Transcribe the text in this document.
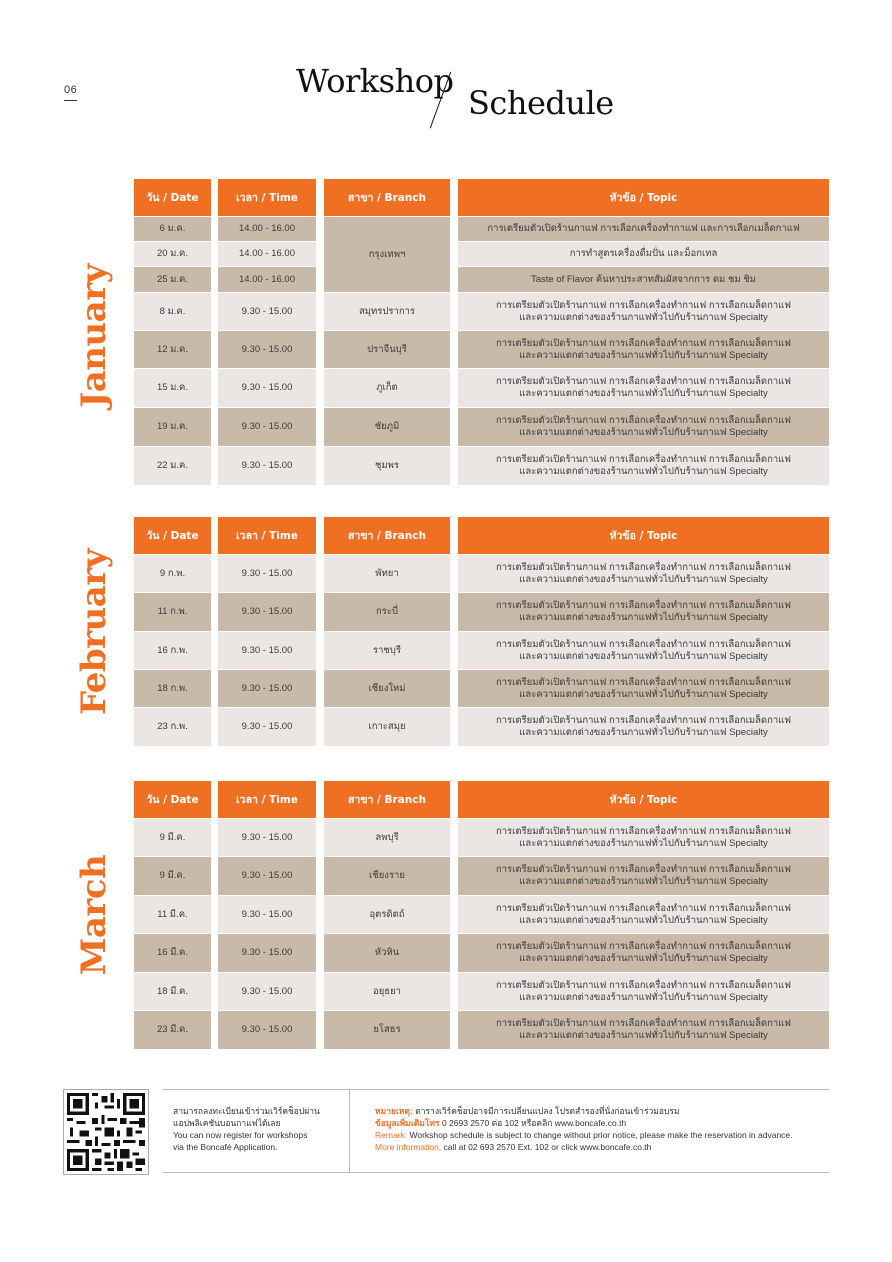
06	Workshop
Schedule
January
February
March
วัน / Date	เวลา / Time	สาขา / Branch	หัวข้อ / Topic
กรุงเทพฯ
6 ม.ค.	14.00 - 16.00	การเตรียมตัวเปิดร้านกาแฟ การเลือกเครื่องทำกาแฟ และการเลือกเมล็ดกาแฟ
20 ม.ค.	14.00 - 16.00	การทำสูตรเครื่องดื่มปั่น และม็อกเทล
25 ม.ค.	14.00 - 16.00	Taste of Flavor ค้นหาประสาทสัมผัสจากการ ดม ชม ชิม
8 ม.ค.	9.30 - 15.00	สมุทรปราการ
การเตรียมตัวเปิดร้านกาแฟ การเลือกเครื่องทำกาแฟ การเลือกเมล็ดกาแฟ
และความแตกต่างของร้านกาแฟทั่วไปกับร้านกาแฟ Specialty
12 ม.ค.	9.30 - 15.00	ปราจีนบุรี
การเตรียมตัวเปิดร้านกาแฟ การเลือกเครื่องทำกาแฟ การเลือกเมล็ดกาแฟ
และความแตกต่างของร้านกาแฟทั่วไปกับร้านกาแฟ Specialty
15 ม.ค.	9.30 - 15.00	ภูเก็ต
การเตรียมตัวเปิดร้านกาแฟ การเลือกเครื่องทำกาแฟ การเลือกเมล็ดกาแฟ
และความแตกต่างของร้านกาแฟทั่วไปกับร้านกาแฟ Specialty
19 ม.ค.	9.30 - 15.00	ชัยภูมิ
การเตรียมตัวเปิดร้านกาแฟ การเลือกเครื่องทำกาแฟ การเลือกเมล็ดกาแฟ
และความแตกต่างของร้านกาแฟทั่วไปกับร้านกาแฟ Specialty
22 ม.ค.	9.30 - 15.00	ชุมพร
การเตรียมตัวเปิดร้านกาแฟ การเลือกเครื่องทำกาแฟ การเลือกเมล็ดกาแฟ
และความแตกต่างของร้านกาแฟทั่วไปกับร้านกาแฟ Specialty
วัน / Date	เวลา / Time	สาขา / Branch	หัวข้อ / Topic
9 ก.พ.	9.30 - 15.00	พัทยา
การเตรียมตัวเปิดร้านกาแฟ การเลือกเครื่องทำกาแฟ การเลือกเมล็ดกาแฟ
และความแตกต่างของร้านกาแฟทั่วไปกับร้านกาแฟ Specialty
11 ก.พ.	9.30 - 15.00	กระบี่
การเตรียมตัวเปิดร้านกาแฟ การเลือกเครื่องทำกาแฟ การเลือกเมล็ดกาแฟ
และความแตกต่างของร้านกาแฟทั่วไปกับร้านกาแฟ Specialty
16 ก.พ.	9.30 - 15.00	ราชบุรี
การเตรียมตัวเปิดร้านกาแฟ การเลือกเครื่องทำกาแฟ การเลือกเมล็ดกาแฟ
และความแตกต่างของร้านกาแฟทั่วไปกับร้านกาแฟ Specialty
18 ก.พ.	9.30 - 15.00	เชียงใหม่
การเตรียมตัวเปิดร้านกาแฟ การเลือกเครื่องทำกาแฟ การเลือกเมล็ดกาแฟ
และความแตกต่างของร้านกาแฟทั่วไปกับร้านกาแฟ Specialty
23 ก.พ.	9.30 - 15.00	เกาะสมุย
การเตรียมตัวเปิดร้านกาแฟ การเลือกเครื่องทำกาแฟ การเลือกเมล็ดกาแฟ
และความแตกต่างของร้านกาแฟทั่วไปกับร้านกาแฟ Specialty
วัน / Date	เวลา / Time	สาขา / Branch	หัวข้อ / Topic
9 มี.ค.	9.30 - 15.00	ลพบุรี
การเตรียมตัวเปิดร้านกาแฟ การเลือกเครื่องทำกาแฟ การเลือกเมล็ดกาแฟ
และความแตกต่างของร้านกาแฟทั่วไปกับร้านกาแฟ Specialty
9 มี.ค.	9.30 - 15.00	เชียงราย
การเตรียมตัวเปิดร้านกาแฟ การเลือกเครื่องทำกาแฟ การเลือกเมล็ดกาแฟ
และความแตกต่างของร้านกาแฟทั่วไปกับร้านกาแฟ Specialty
11 มี.ค.	9.30 - 15.00	อุตรดิตถ์
การเตรียมตัวเปิดร้านกาแฟ การเลือกเครื่องทำกาแฟ การเลือกเมล็ดกาแฟ
และความแตกต่างของร้านกาแฟทั่วไปกับร้านกาแฟ Specialty
16 มี.ค.	9.30 - 15.00	หัวหิน
การเตรียมตัวเปิดร้านกาแฟ การเลือกเครื่องทำกาแฟ การเลือกเมล็ดกาแฟ
และความแตกต่างของร้านกาแฟทั่วไปกับร้านกาแฟ Specialty
18 มี.ค.	9.30 - 15.00	อยุธยา
การเตรียมตัวเปิดร้านกาแฟ การเลือกเครื่องทำกาแฟ การเลือกเมล็ดกาแฟ
และความแตกต่างของร้านกาแฟทั่วไปกับร้านกาแฟ Specialty
23 มี.ค.	9.30 - 15.00	ยโสธร
การเตรียมตัวเปิดร้านกาแฟ การเลือกเครื่องทำกาแฟ การเลือกเมล็ดกาแฟ
และความแตกต่างของร้านกาแฟทั่วไปกับร้านกาแฟ Specialty
สามารถลงทะเบียนเข้าร่วมเวิร์คช็อปผ่าน
แอปพลิเคชันบอนกาแฟได้เลย
You can now register for workshops
via the Boncafé Application.
หมายเหตุ: ตารางเวิร์คช็อปอาจมีการเปลี่ยนแปลง โปรดสำรองที่นั่งก่อนเข้าร่วมอบรม
ข้อมูลเพิ่มเติมโทร 0 2693 2570 ต่อ 102 หรือคลิก www.boncafe.co.th
Remark: Workshop schedule is subject to change without prior notice, please make the reservation in advance.
More information, call at 02 693 2570 Ext. 102 or click www.boncafe.co.th
